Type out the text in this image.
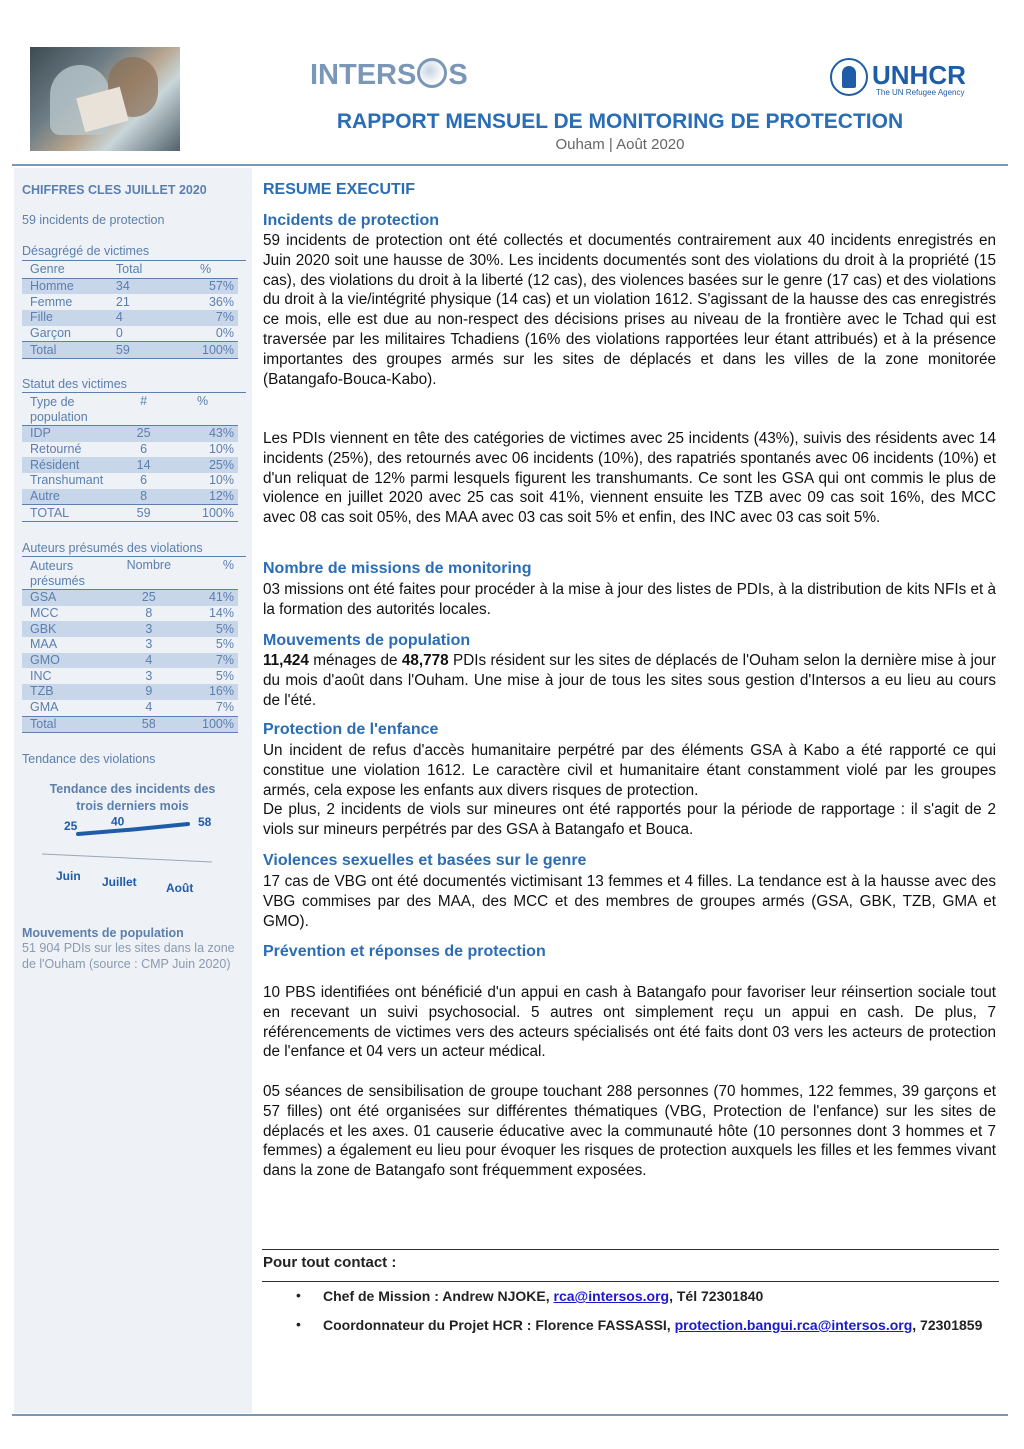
INTERS S	UNHCR
The UN Refugee Agency
RAPPORT MENSUEL DE MONITORING DE PROTECTION
Ouham | Août 2020
CHIFFRES CLES JUILLET 2020
59 incidents de protection
Désagrégé de victimes
Genre	Total	%
Homme	34	57%
Femme	21	36%
Fille	4	7%
Garçon	0	0%
Total	59	100%
Statut des victimes
Type de population	#	%
IDP	25	43%
Retourné	6	10%
Résident	14	25%
Transhumant	6	10%
Autre	8	12%
TOTAL	59	100%
Auteurs présumés des violations
Auteurs présumés	Nombre	%
GSA	25	41%
MCC	8	14%
GBK	3	5%
MAA	3	5%
GMO	4	7%
INC	3	5%
TZB	9	16%
GMA	4	7%
Total	58	100%
Tendance des violations
Tendance des incidents des trois derniers mois
25	40	58
Juin Juillet Août
Mouvements de population
51 904 PDIs sur les sites dans la zone de l'Ouham (source : CMP Juin 2020)
RESUME EXECUTIF
Incidents de protection
59 incidents de protection ont été collectés et documentés contrairement aux 40 incidents enregistrés en Juin 2020 soit une hausse de 30%. Les incidents documentés sont des violations du droit à la propriété (15 cas), des violations du droit à la liberté (12 cas), des violences basées sur le genre (17 cas) et des violations du droit à la vie/intégrité physique (14 cas) et un violation 1612. S'agissant de la hausse des cas enregistrés ce mois, elle est due au non-respect des décisions prises au niveau de la frontière avec le Tchad qui est traversée par les militaires Tchadiens (16% des violations rapportées leur étant attribués) et à la présence importantes des groupes armés sur les sites de déplacés et dans les villes de la zone monitorée (Batangafo-Bouca-Kabo).
Les PDIs viennent en tête des catégories de victimes avec 25 incidents (43%), suivis des résidents avec 14 incidents (25%), des retournés avec 06 incidents (10%), des rapatriés spontanés avec 06 incidents (10%) et d'un reliquat de 12% parmi lesquels figurent les transhumants. Ce sont les GSA qui ont commis le plus de violence en juillet 2020 avec 25 cas soit 41%, viennent ensuite les TZB avec 09 cas soit 16%, des MCC avec 08 cas soit 05%, des MAA avec 03 cas soit 5% et enfin, des INC avec 03 cas soit 5%.
Nombre de missions de monitoring
03 missions ont été faites pour procéder à la mise à jour des listes de PDIs, à la distribution de kits NFIs et à la formation des autorités locales.
Mouvements de population
11,424 ménages de 48,778 PDIs résident sur les sites de déplacés de l'Ouham selon la dernière mise à jour du mois d'août dans l'Ouham. Une mise à jour de tous les sites sous gestion d'Intersos a eu lieu au cours de l'été.
Protection de l'enfance
Un incident de refus d'accès humanitaire perpétré par des éléments GSA à Kabo a été rapporté ce qui constitue une violation 1612. Le caractère civil et humanitaire étant constamment violé par les groupes armés, cela expose les enfants aux divers risques de protection.
De plus, 2 incidents de viols sur mineures ont été rapportés pour la période de rapportage : il s'agit de 2 viols sur mineurs perpétrés par des GSA à Batangafo et Bouca.
Violences sexuelles et basées sur le genre
17 cas de VBG ont été documentés victimisant 13 femmes et 4 filles. La tendance est à la hausse avec des VBG commises par des MAA, des MCC et des membres de groupes armés (GSA, GBK, TZB, GMA et GMO).
Prévention et réponses de protection
10 PBS identifiées ont bénéficié d'un appui en cash à Batangafo pour favoriser leur réinsertion sociale tout en recevant un suivi psychosocial. 5 autres ont simplement reçu un appui en cash. De plus, 7 référencements de victimes vers des acteurs spécialisés ont été faits dont 03 vers les acteurs de protection de l'enfance et 04 vers un acteur médical.
05 séances de sensibilisation de groupe touchant 288 personnes (70 hommes, 122 femmes, 39 garçons et 57 filles) ont été organisées sur différentes thématiques (VBG, Protection de l'enfance) sur les sites de déplacés et les axes. 01 causerie éducative avec la communauté hôte (10 personnes dont 3 hommes et 7 femmes) a également eu lieu pour évoquer les risques de protection auxquels les filles et les femmes vivant dans la zone de Batangafo sont fréquemment exposées.
Pour tout contact :
• Chef de Mission : Andrew NJOKE, rca@intersos.org, Tél 72301840
• Coordonnateur du Projet HCR : Florence FASSASSI, protection.bangui.rca@intersos.org, 72301859
